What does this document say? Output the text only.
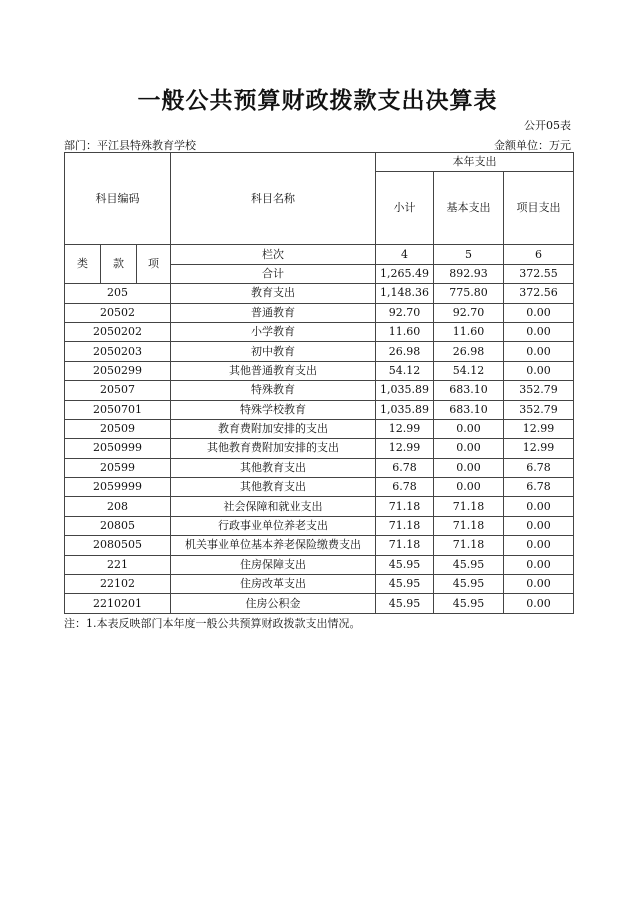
一般公共预算财政拨款支出决算表
公开05表
部门：平江县特殊教育学校	金额单位：万元
科目编码			科目名称	本年支出		
				小计	基本支出	项目支出
类	款	项	栏次	4	5	6
			合计	1,265.49	892.93	372.55
205			教育支出	1,148.36	775.80	372.56
20502			普通教育	92.70	92.70	0.00
2050202			小学教育	11.60	11.60	0.00
2050203			初中教育	26.98	26.98	0.00
2050299			其他普通教育支出	54.12	54.12	0.00
20507			特殊教育	1,035.89	683.10	352.79
2050701			特殊学校教育	1,035.89	683.10	352.79
20509			教育费附加安排的支出	12.99	0.00	12.99
2050999			其他教育费附加安排的支出	12.99	0.00	12.99
20599			其他教育支出	6.78	0.00	6.78
2059999			其他教育支出	6.78	0.00	6.78
208			社会保障和就业支出	71.18	71.18	0.00
20805			行政事业单位养老支出	71.18	71.18	0.00
2080505			机关事业单位基本养老保险缴费支出	71.18	71.18	0.00
221			住房保障支出	45.95	45.95	0.00
22102			住房改革支出	45.95	45.95	0.00
2210201			住房公积金	45.95	45.95	0.00
注：1.本表反映部门本年度一般公共预算财政拨款支出情况。
